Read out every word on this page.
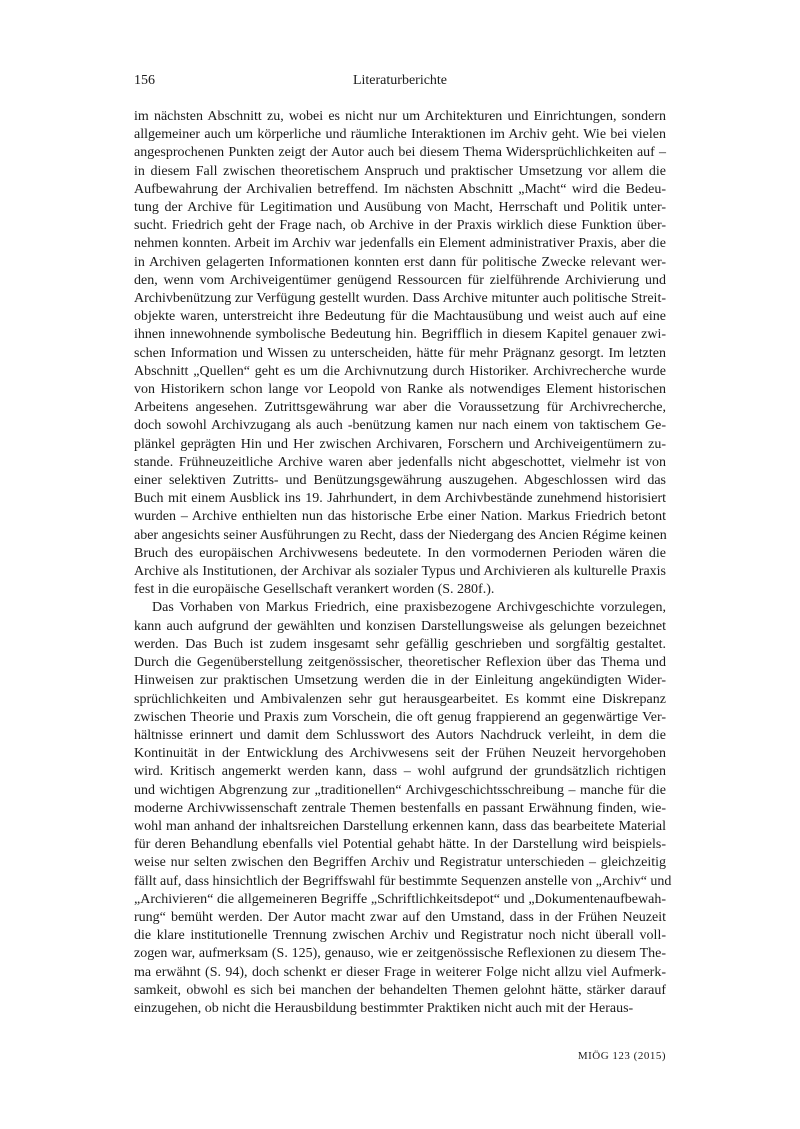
156	Literaturberichte
im nächsten Abschnitt zu, wobei es nicht nur um Architekturen und Einrichtungen, sondern
allgemeiner auch um körperliche und räumliche Interaktionen im Archiv geht. Wie bei vielen
angesprochenen Punkten zeigt der Autor auch bei diesem Thema Widersprüchlichkeiten auf –
in diesem Fall zwischen theoretischem Anspruch und praktischer Umsetzung vor allem die
Aufbewahrung der Archivalien betreffend. Im nächsten Abschnitt „Macht“ wird die Bedeu-
tung der Archive für Legitimation und Ausübung von Macht, Herrschaft und Politik unter-
sucht. Friedrich geht der Frage nach, ob Archive in der Praxis wirklich diese Funktion über-
nehmen konnten. Arbeit im Archiv war jedenfalls ein Element administrativer Praxis, aber die
in Archiven gelagerten Informationen konnten erst dann für politische Zwecke relevant wer-
den, wenn vom Archiveigentümer genügend Ressourcen für zielführende Archivierung und
Archivbenützung zur Verfügung gestellt wurden. Dass Archive mitunter auch politische Streit-
objekte waren, unterstreicht ihre Bedeutung für die Machtausübung und weist auch auf eine
ihnen innewohnende symbolische Bedeutung hin. Begrifflich in diesem Kapitel genauer zwi-
schen Information und Wissen zu unterscheiden, hätte für mehr Prägnanz gesorgt. Im letzten
Abschnitt „Quellen“ geht es um die Archivnutzung durch Historiker. Archivrecherche wurde
von Historikern schon lange vor Leopold von Ranke als notwendiges Element historischen
Arbeitens angesehen. Zutrittsgewährung war aber die Voraussetzung für Archivrecherche,
doch sowohl Archivzugang als auch -benützung kamen nur nach einem von taktischem Ge-
plänkel geprägten Hin und Her zwischen Archivaren, Forschern und Archiveigentümern zu-
stande. Frühneuzeitliche Archive waren aber jedenfalls nicht abgeschottet, vielmehr ist von
einer selektiven Zutritts- und Benützungsgewährung auszugehen. Abgeschlossen wird das
Buch mit einem Ausblick ins 19. Jahrhundert, in dem Archivbestände zunehmend historisiert
wurden – Archive enthielten nun das historische Erbe einer Nation. Markus Friedrich betont
aber angesichts seiner Ausführungen zu Recht, dass der Niedergang des Ancien Régime keinen
Bruch des europäischen Archivwesens bedeutete. In den vormodernen Perioden wären die
Archive als Institutionen, der Archivar als sozialer Typus und Archivieren als kulturelle Praxis
fest in die europäische Gesellschaft verankert worden (S. 280f.).
Das Vorhaben von Markus Friedrich, eine praxisbezogene Archivgeschichte vorzulegen,
kann auch aufgrund der gewählten und konzisen Darstellungsweise als gelungen bezeichnet
werden. Das Buch ist zudem insgesamt sehr gefällig geschrieben und sorgfältig gestaltet.
Durch die Gegenüberstellung zeitgenössischer, theoretischer Reflexion über das Thema und
Hinweisen zur praktischen Umsetzung werden die in der Einleitung angekündigten Wider-
sprüchlichkeiten und Ambivalenzen sehr gut herausgearbeitet. Es kommt eine Diskrepanz
zwischen Theorie und Praxis zum Vorschein, die oft genug frappierend an gegenwärtige Ver-
hältnisse erinnert und damit dem Schlusswort des Autors Nachdruck verleiht, in dem die
Kontinuität in der Entwicklung des Archivwesens seit der Frühen Neuzeit hervorgehoben
wird. Kritisch angemerkt werden kann, dass – wohl aufgrund der grundsätzlich richtigen
und wichtigen Abgrenzung zur „traditionellen“ Archivgeschichtsschreibung – manche für die
moderne Archivwissenschaft zentrale Themen bestenfalls en passant Erwähnung finden, wie-
wohl man anhand der inhaltsreichen Darstellung erkennen kann, dass das bearbeitete Material
für deren Behandlung ebenfalls viel Potential gehabt hätte. In der Darstellung wird beispiels-
weise nur selten zwischen den Begriffen Archiv und Registratur unterschieden – gleichzeitig
fällt auf, dass hinsichtlich der Begriffswahl für bestimmte Sequenzen anstelle von „Archiv“ und
„Archivieren“ die allgemeineren Begriffe „Schriftlichkeitsdepot“ und „Dokumentenaufbewah-
rung“ bemüht werden. Der Autor macht zwar auf den Umstand, dass in der Frühen Neuzeit
die klare institutionelle Trennung zwischen Archiv und Registratur noch nicht überall voll-
zogen war, aufmerksam (S. 125), genauso, wie er zeitgenössische Reflexionen zu diesem The-
ma erwähnt (S. 94), doch schenkt er dieser Frage in weiterer Folge nicht allzu viel Aufmerk-
samkeit, obwohl es sich bei manchen der behandelten Themen gelohnt hätte, stärker darauf
einzugehen, ob nicht die Herausbildung bestimmter Praktiken nicht auch mit der Heraus-
MIÖG 123 (2015)
